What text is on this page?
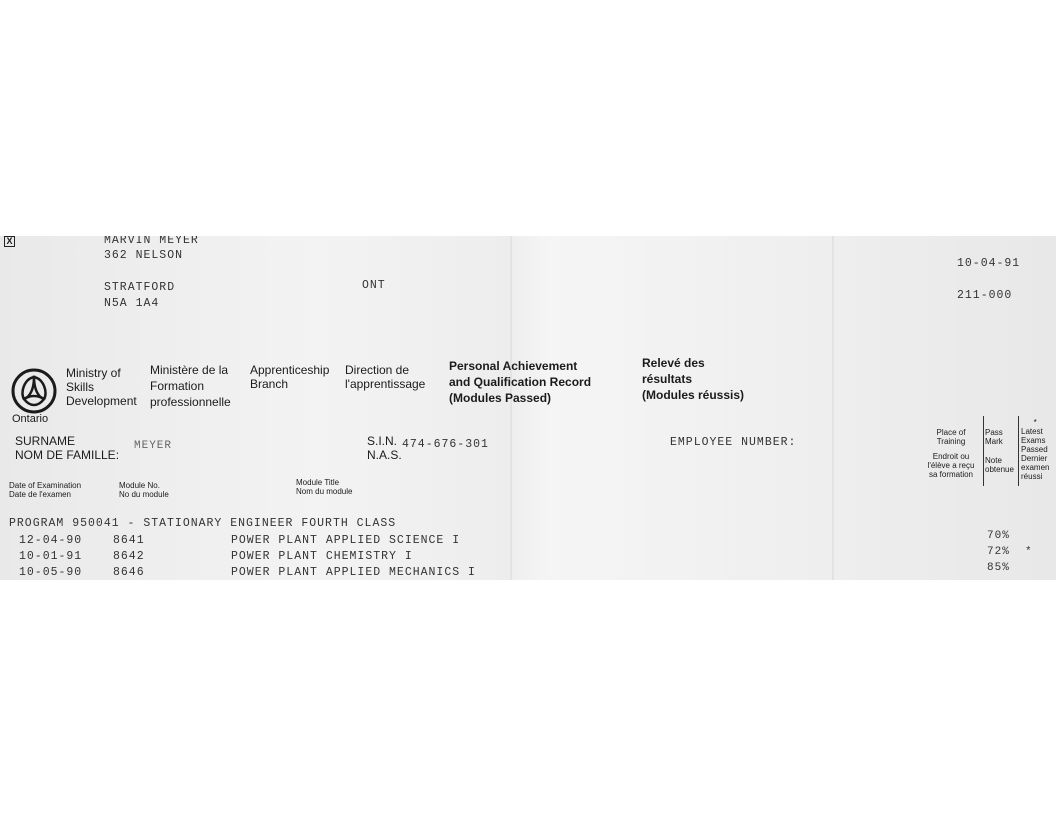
X	MARVIN MEYER
362 NELSON
STRATFORD
N5A 1A4
ONT
10-04-91
211-000
Ontario
Ministry of
Skills
Development
Ministère de la
Formation
professionnelle
Apprenticeship
Branch
Direction de
l'apprentissage
Personal Achievement
and Qualification Record
(Modules Passed)
Relevé des
résultats
(Modules réussis)
SURNAME
NOM DE FAMILLE:
MEYER	S.I.N.
N.A.S.
474-676-301	EMPLOYEE NUMBER:
Place of
Training
Endroit ou
l'élève a reçu
sa formation
Pass
Mark
Note
obtenue
*
Latest
Exams
Passed
Dernier
examen
réussi
Date of Examination
Date de l'examen
Module No.
No du module
Module Title
Nom du module
PROGRAM 950041 - STATIONARY ENGINEER FOURTH CLASS
12-04-90	8641	POWER PLANT APPLIED SCIENCE I	70%
10-01-91	8642	POWER PLANT CHEMISTRY I	72% *
10-05-90	8646	POWER PLANT APPLIED MECHANICS I	85%
